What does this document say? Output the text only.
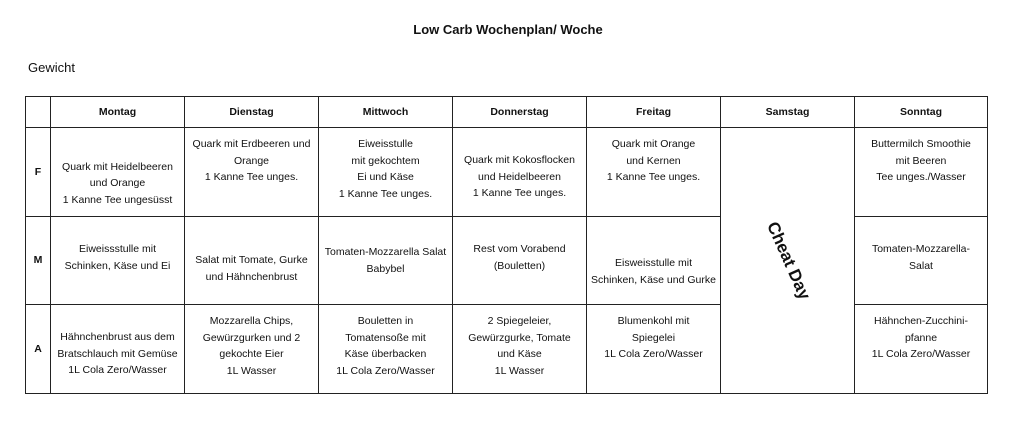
Low Carb Wochenplan/ Woche
Gewicht
	Montag	Dienstag	Mittwoch	Donnerstag	Freitag	Samstag	Sonntag
F	Quark mit Heidelbeeren
und Orange
1 Kanne Tee ungesüsst	Quark mit Erdbeeren und
Orange
1 Kanne Tee unges.	Eiweisstulle
mit gekochtem
Ei und Käse
1 Kanne Tee unges.	Quark mit Kokosflocken
und Heidelbeeren
1 Kanne Tee unges.	Quark mit Orange
und Kernen
1 Kanne Tee unges.	Cheat Day	Buttermilch Smoothie
mit Beeren
Tee unges./Wasser

M	Eiweissstulle mit
Schinken, Käse und Ei	Salat mit Tomate, Gurke
und Hähnchenbrust	Tomaten-Mozzarella Salat
Babybel	Rest vom Vorabend
(Bouletten)	Eisweisstulle mit
Schinken, Käse und Gurke		Tomaten-Mozzarella-
Salat

A	Hähnchenbrust aus dem
Bratschlauch mit Gemüse
1L Cola Zero/Wasser	Mozzarella Chips,
Gewürzgurken und 2
gekochte Eier
1L Wasser	Bouletten in
Tomatensoße mit
Käse überbacken
1L Cola Zero/Wasser	2 Spiegeleier,
Gewürzgurke, Tomate
und Käse
1L Wasser	Blumenkohl mit
Spiegelei
1L Cola Zero/Wasser		Hähnchen-Zucchini-
pfanne
1L Cola Zero/Wasser
